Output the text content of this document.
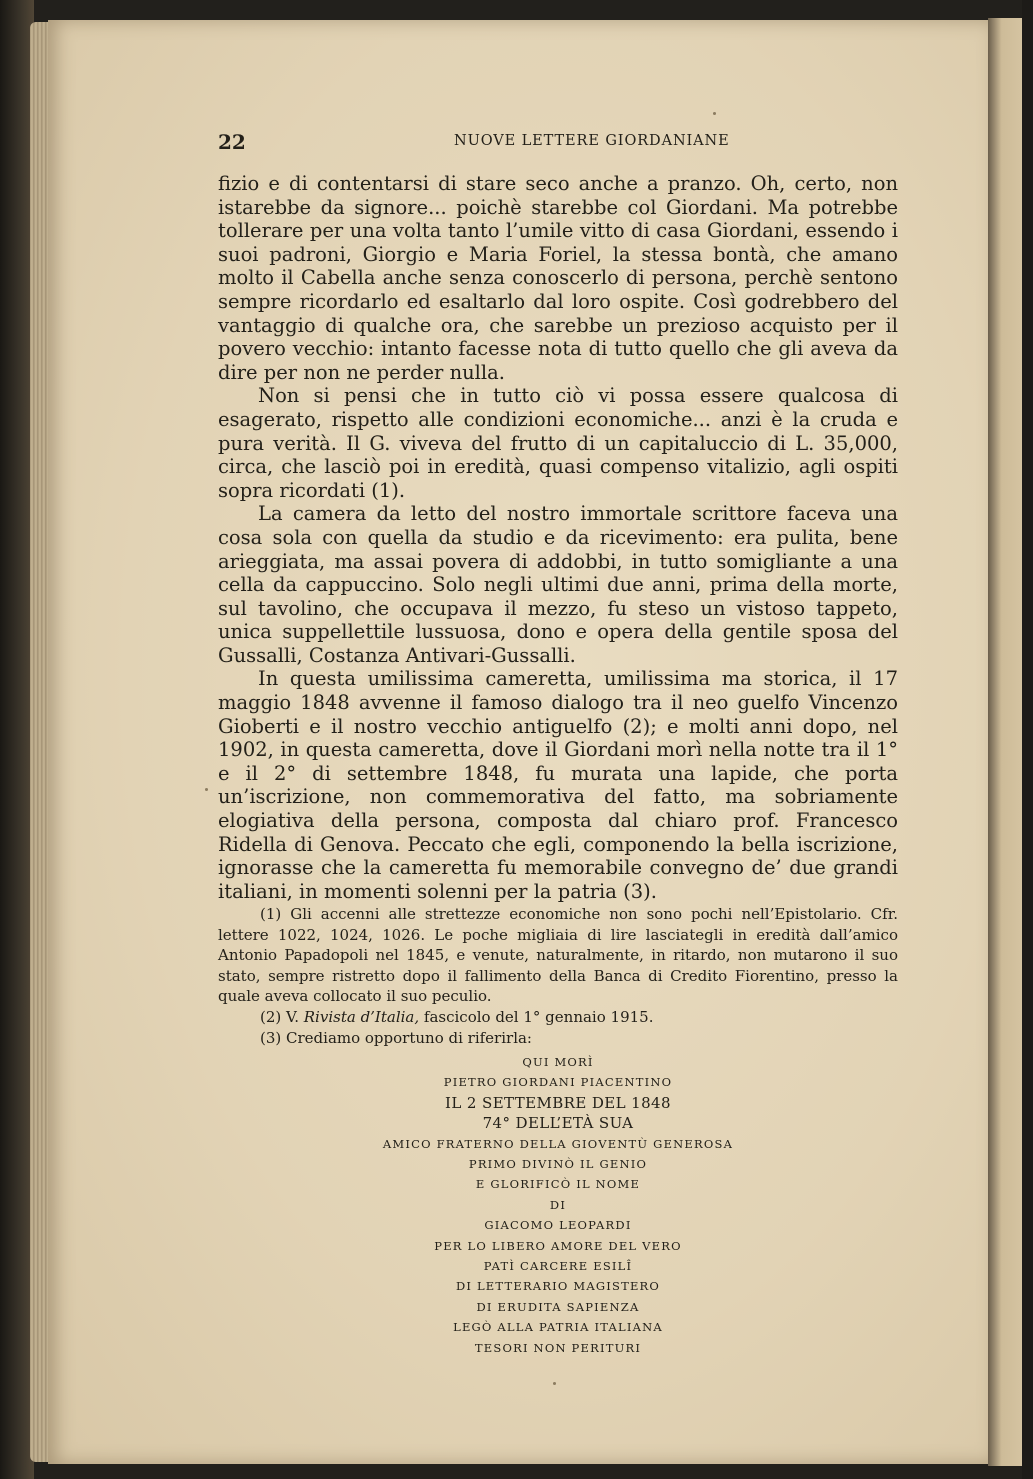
22	NUOVE LETTERE GIORDANIANE

fizio e di contentarsi di stare seco anche a pranzo. Oh, certo, non istarebbe da signore... poichè starebbe col Giordani. Ma potrebbe tollerare per una volta tanto l’umile vitto di casa Giordani, essendo i suoi padroni, Giorgio e Maria Foriel, la stessa bontà, che amano molto il Cabella anche senza conoscerlo di persona, perchè sentono sempre ricordarlo ed esaltarlo dal loro ospite. Così godrebbero del vantaggio di qualche ora, che sarebbe un prezioso acquisto per il povero vecchio: intanto facesse nota di tutto quello che gli aveva da dire per non ne perder nulla.

Non si pensi che in tutto ciò vi possa essere qualcosa di esagerato, rispetto alle condizioni economiche... anzi è la cruda e pura verità. Il G. viveva del frutto di un capitaluccio di L. 35,000, circa, che lasciò poi in eredità, quasi compenso vitalizio, agli ospiti sopra ricordati (1).

La camera da letto del nostro immortale scrittore faceva una cosa sola con quella da studio e da ricevimento: era pulita, bene arieggiata, ma assai povera di addobbi, in tutto somigliante a una cella da cappuccino. Solo negli ultimi due anni, prima della morte, sul tavolino, che occupava il mezzo, fu steso un vistoso tappeto, unica suppellettile lussuosa, dono e opera della gentile sposa del Gussalli, Costanza Antivari-Gussalli.

In questa umilissima cameretta, umilissima ma storica, il 17 maggio 1848 avvenne il famoso dialogo tra il neo guelfo Vincenzo Gioberti e il nostro vecchio antiguelfo (2); e molti anni dopo, nel 1902, in questa cameretta, dove il Giordani morì nella notte tra il 1° e il 2° di settembre 1848, fu murata una lapide, che porta un’iscrizione, non commemorativa del fatto, ma sobriamente elogiativa della persona, composta dal chiaro prof. Francesco Ridella di Genova. Peccato che egli, componendo la bella iscrizione, ignorasse che la cameretta fu memorabile convegno de’ due grandi italiani, in momenti solenni per la patria (3).

(1) Gli accenni alle strettezze economiche non sono pochi nell’Epistolario. Cfr. lettere 1022, 1024, 1026. Le poche migliaia di lire lasciategli in eredità dall’amico Antonio Papadopoli nel 1845, e venute, naturalmente, in ritardo, non mutarono il suo stato, sempre ristretto dopo il fallimento della Banca di Credito Fiorentino, presso la quale aveva collocato il suo peculio.

(2) V. Rivista d’Italia, fascicolo del 1° gennaio 1915.

(3) Crediamo opportuno di riferirla:

QUI MORÌ
PIETRO GIORDANI PIACENTINO
IL 2 SETTEMBRE DEL 1848
74° DELL’ETÀ SUA
AMICO FRATERNO DELLA GIOVENTÙ GENEROSA
PRIMO DIVINÒ IL GENIO
E GLORIFICÒ IL NOME
DI
GIACOMO LEOPARDI
PER LO LIBERO AMORE DEL VERO
PATÌ CARCERE ESILÎ
DI LETTERARIO MAGISTERO
DI ERUDITA SAPIENZA
LEGÒ ALLA PATRIA ITALIANA
TESORI NON PERITURI
